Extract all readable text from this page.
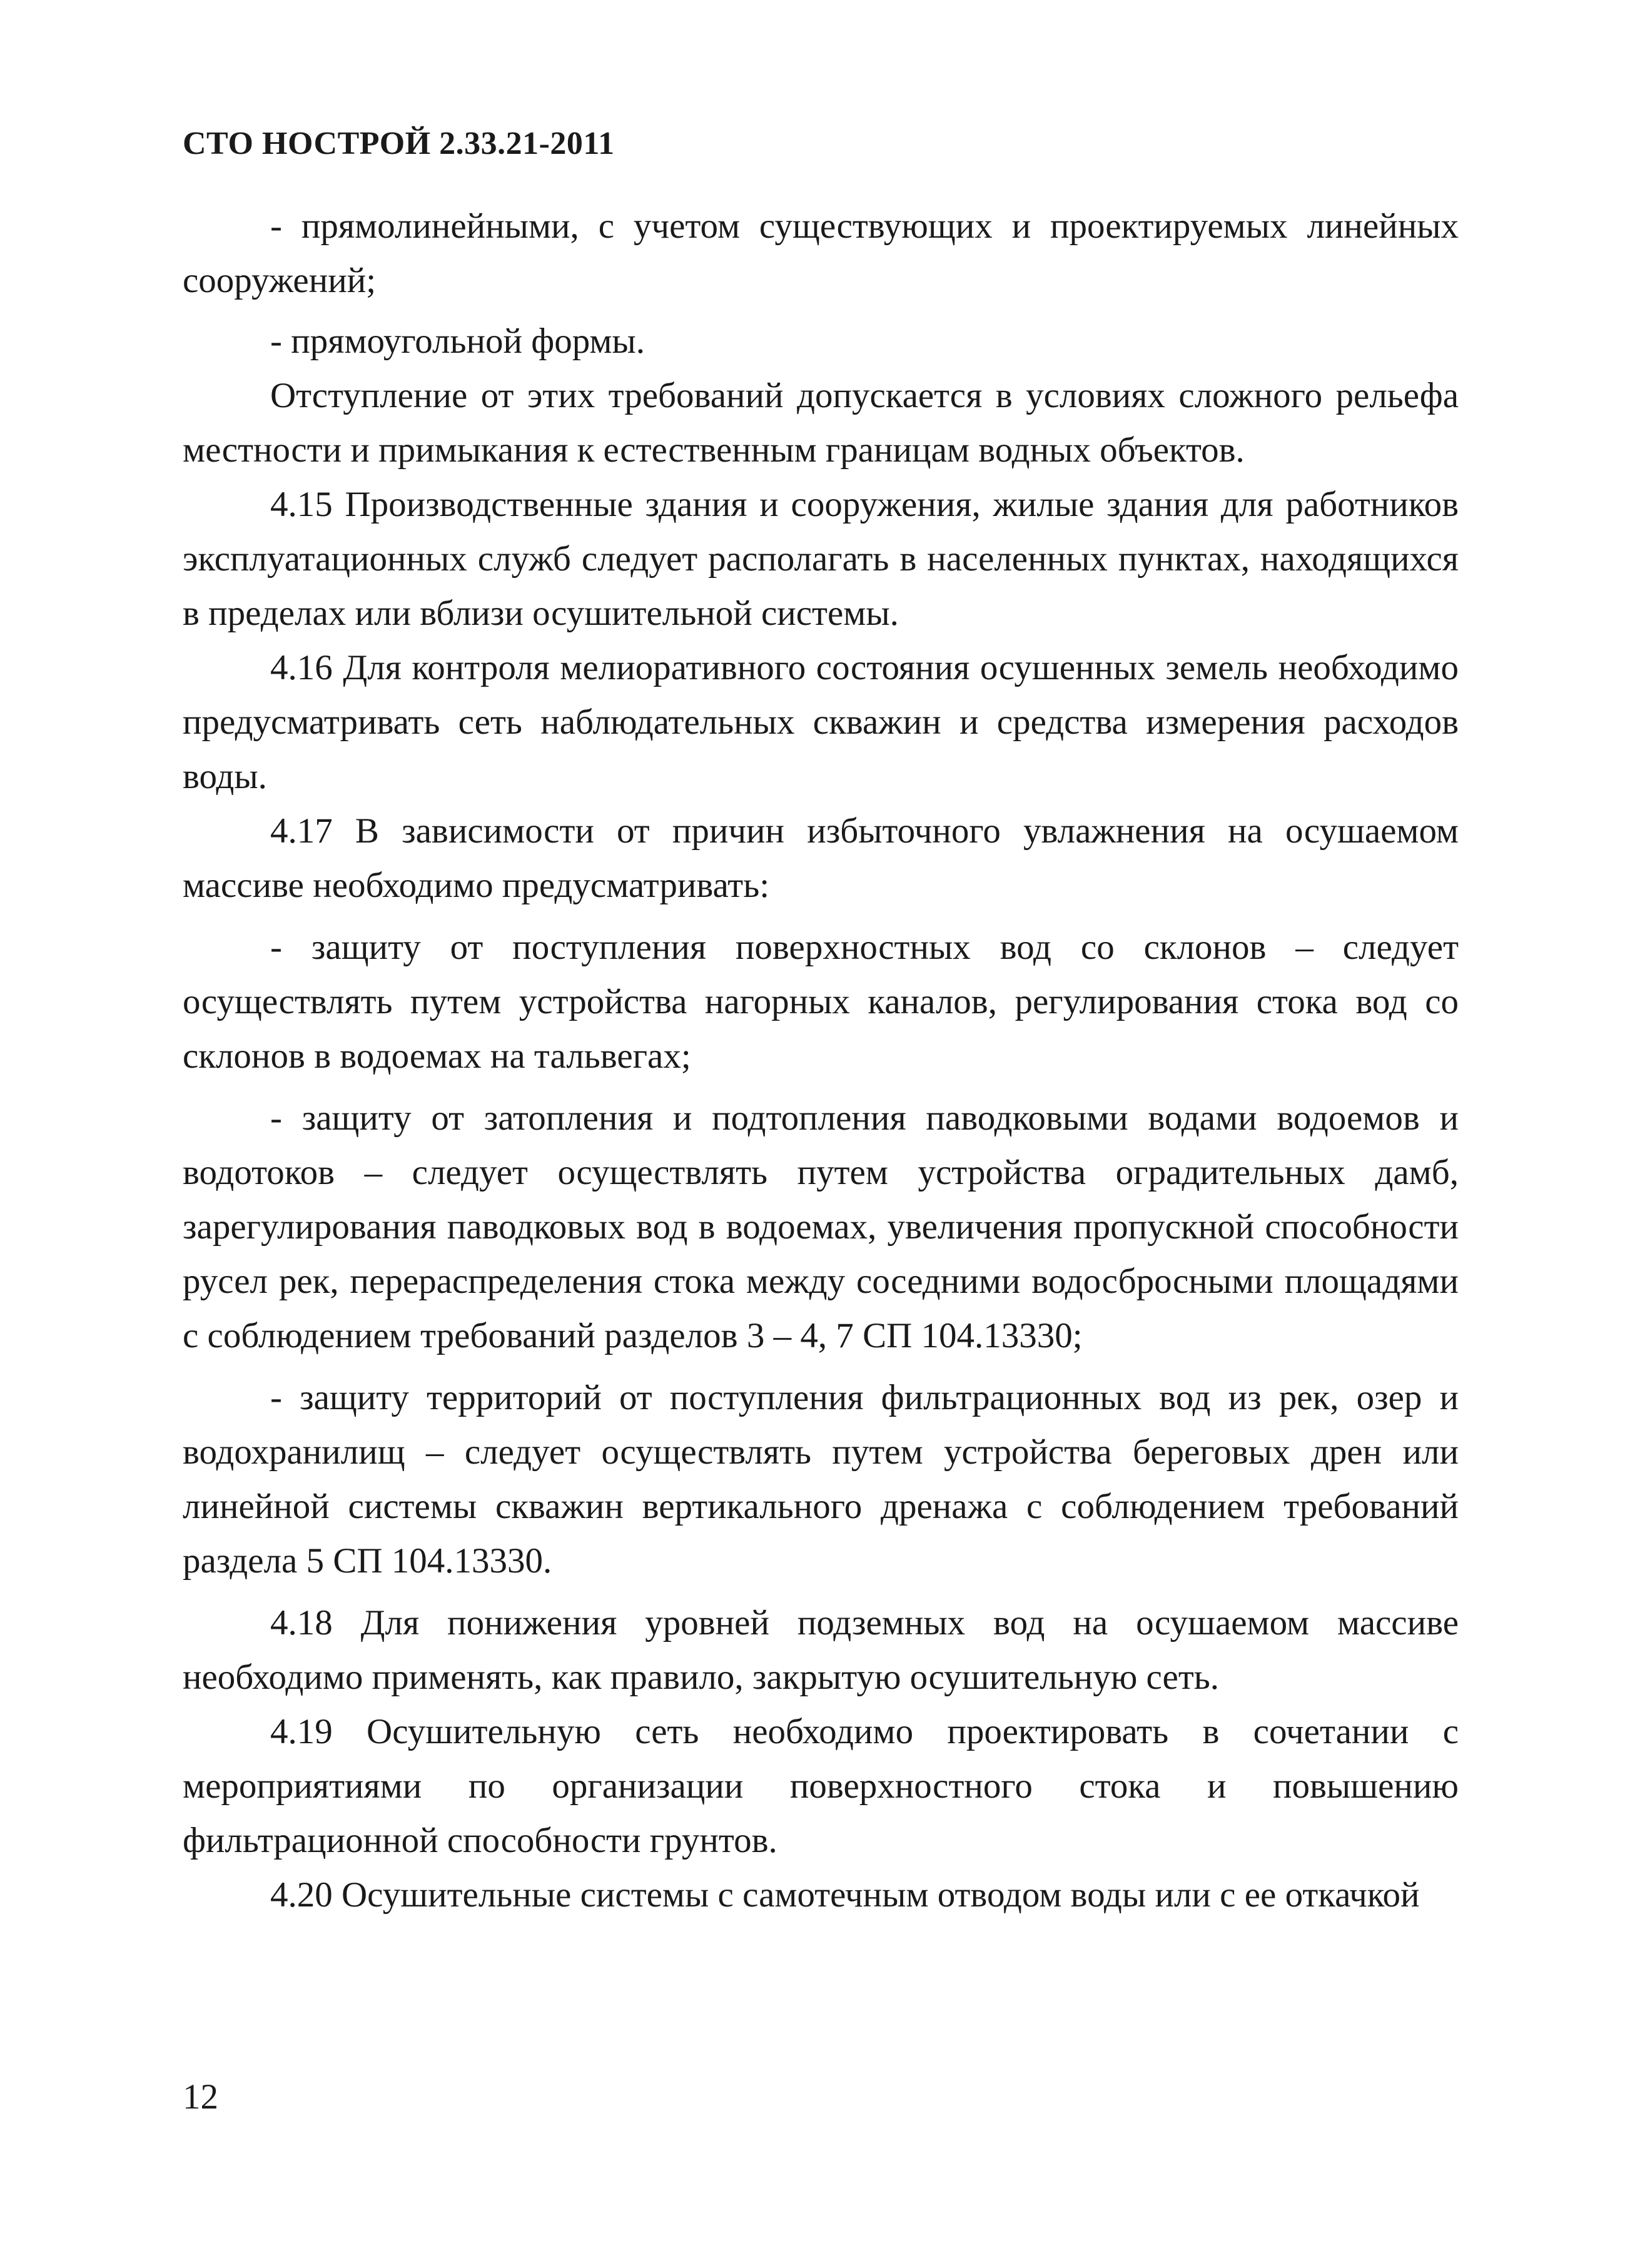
СТО НОСТРОЙ 2.33.21-2011

- прямолинейными, с учетом существующих и проектируемых линейных сооружений;

- прямоугольной формы.

Отступление от этих требований допускается в условиях сложного рельефа местности и примыкания к естественным границам водных объектов.

4.15 Производственные здания и сооружения, жилые здания для работников эксплуатационных служб следует располагать в населенных пунктах, находящихся в пределах или вблизи осушительной системы.

4.16 Для контроля мелиоративного состояния осушенных земель необходимо предусматривать сеть наблюдательных скважин и средства измерения расходов воды.

4.17 В зависимости от причин избыточного увлажнения на осушаемом массиве необходимо предусматривать:

- защиту от поступления поверхностных вод со склонов – следует осуществлять путем устройства нагорных каналов, регулирования стока вод со склонов в водоемах на тальвегах;

- защиту от затопления и подтопления паводковыми водами водоемов и водотоков – следует осуществлять путем устройства оградительных дамб, зарегулирования паводковых вод в водоемах, увеличения пропускной способности русел рек, перераспределения стока между соседними водосбросными площадями с соблюдением требований разделов 3 – 4, 7 СП 104.13330;

- защиту территорий от поступления фильтрационных вод из рек, озер и водохранилищ – следует осуществлять путем устройства береговых дрен или линейной системы скважин вертикального дренажа с соблюдением требований раздела 5 СП 104.13330.

4.18 Для понижения уровней подземных вод на осушаемом массиве необходимо применять, как правило, закрытую осушительную сеть.

4.19 Осушительную сеть необходимо проектировать в сочетании с мероприятиями по организации поверхностного стока и повышению фильтрационной способности грунтов.

4.20 Осушительные системы с самотечным отводом воды или с ее откачкой

12
